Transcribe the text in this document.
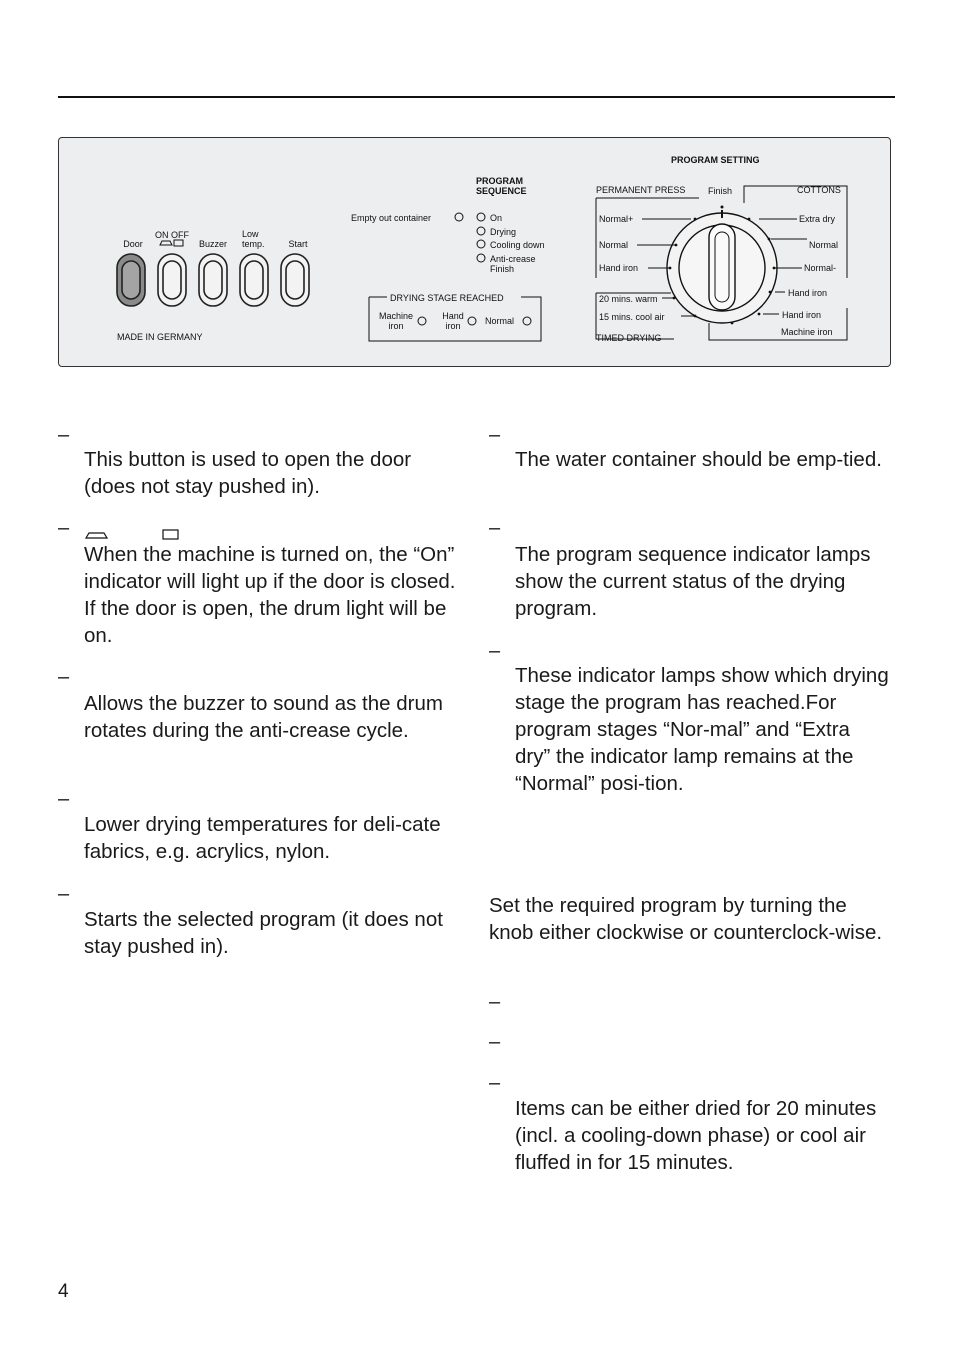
Door
ON OFF
Buzzer
Low
temp.	Start
MADE IN GERMANY
Empty out container
PROGRAM
SEQUENCE
On
Drying
Cooling down
Anti-crease
Finish
DRYING STAGE REACHED
Machine
iron
Hand
iron	Normal
PROGRAM SETTING
PERMANENT PRESS	Finish	COTTONS
Normal+
Normal
Hand iron
Extra dry
Normal
Normal-
Hand iron
Hand iron
Machine iron
20 mins. warm
15 mins. cool air
TIMED DRYING
–
This button is used to open the door (does not stay pushed in).
–
When the machine is turned on, the “On” indicator will light up if the door is closed. If the door is open, the drum light will be on.
–
Allows the buzzer to sound as the drum rotates during the anti-crease cycle.
–
Lower drying temperatures for deli-cate fabrics, e.g. acrylics, nylon.
–
Starts the selected program (it does not stay pushed in).
–
The water container should be emp-tied.
–
The program sequence indicator lamps show the current status of the drying program.
–
These indicator lamps show which drying stage the program has reached.For program stages “Nor-mal” and “Extra dry” the indicator lamp remains at the “Normal” posi-tion.
Set the required program by turning the knob either clockwise or counterclock-wise.
–
–
–
Items can be either dried for 20 minutes (incl. a cooling-down phase) or cool air fluffed in for 15 minutes.
4
